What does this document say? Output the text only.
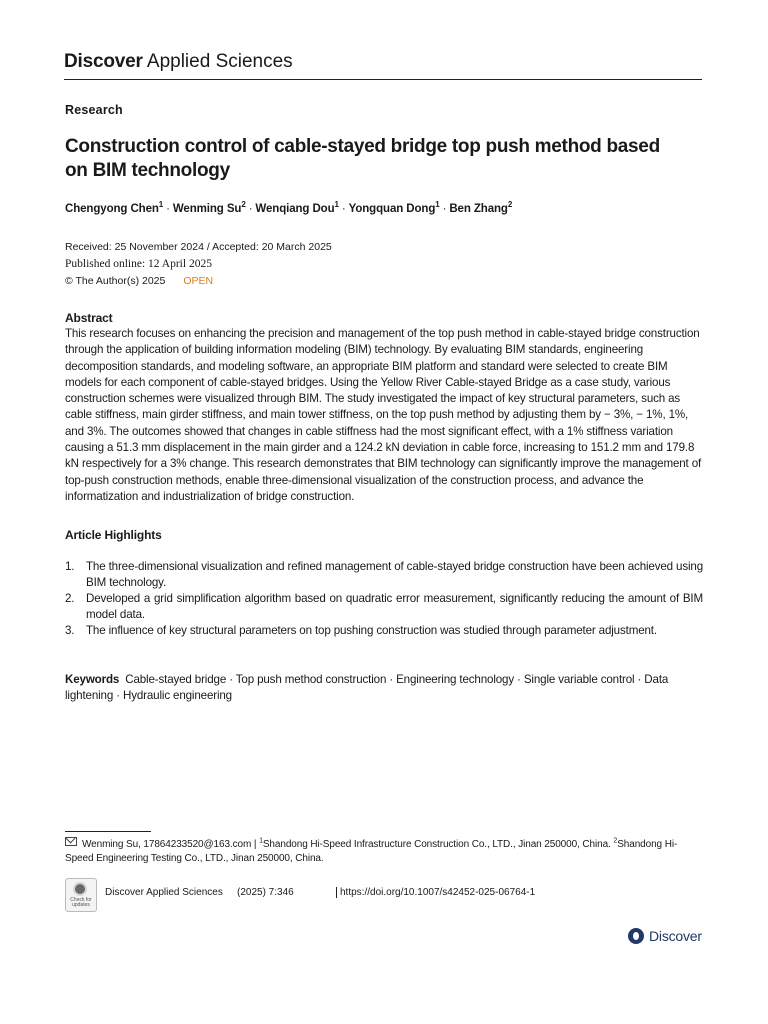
Discover Applied Sciences
Research
Construction control of cable-stayed bridge top push method based on BIM technology
Chengyong Chen$^1$ · Wenming $Su^2$ · Wenqiang Dou$^1$ · Yongquan Dong$^1$ · Ben Zhang$^2$
Received: 25 November 2024 / Accepted: 20 March 2025
Published online: 12 April 2025
© The Author(s) 2025 OPEN
Abstract

This research focuses on enhancing the precision and management of the top push method in cable-stayed bridge construction through the application of building information modeling (BIM) technology. By evaluating BIM standards, engineering decomposition standards, and modeling software, an appropriate BIM platform and standard were selected to create BIM models for each component of cable-stayed bridges. Using the Yellow River Cable-stayed Bridge as a case study, various construction schemes were visualized through BIM. The study investigated the impact of key structural parameters, such as cable stiffness, main girder stiffness, and main tower stiffness, on the top push method by adjusting them by − 3%, − 1%, 1%, and 3%. The outcomes showed that changes in cable stiffness had the most significant effect, with a 1% stiffness variation causing a 51.3 mm displacement in the main girder and a 124.2 kN deviation in cable force, increasing to 151.2 mm and 179.8 kN respectively for a 3% change. This research demonstrates that BIM technology can significantly improve the management of top-push construction methods, enable three-dimensional visualization of the construction process, and advance the informatization and industrialization of bridge construction.

Article Highlights
1.	The three-dimensional visualization and refined management of cable-stayed bridge construction have been achieved using BIM technology.
2.	Developed a grid simplification algorithm based on quadratic error measurement, significantly reducing the amount of BIM model data.
3.	The influence of key structural parameters on top pushing construction was studied through parameter adjustment.
Keywords Cable-stayed bridge · Top push method construction · Engineering technology · Single variable control · Data lightening · Hydraulic engineering
Wenming Su, 17864233520@163.com | $^1$Shandong Hi-Speed Infrastructure Construction Co., LTD., Jinan 250000, China. $^2$Shandong Hi-Speed Engineering Testing Co., LTD., Jinan 250000, China.
Check for updates
Discover Applied Sciences (2025) 7:346	https://doi.org/10.1007/s42452-025-06764-1
Discover
